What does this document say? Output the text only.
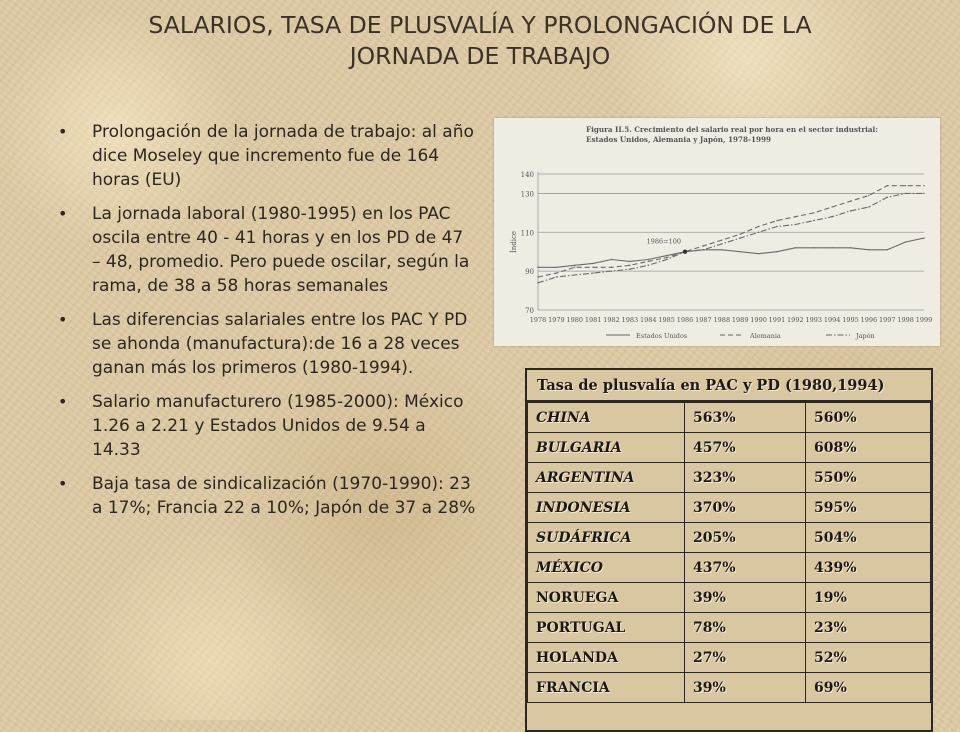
SALARIOS, TASA DE PLUSVALÍA Y PROLONGACIÓN DE LA
JORNADA DE TRABAJO
• Prolongación de la jornada de trabajo: al año dice Moseley que incremento fue de 164 horas (EU)
• La jornada laboral (1980-1995) en los PAC oscila entre 40 - 41 horas y en los PD de 47 – 48, promedio. Pero puede oscilar, según la rama, de 38 a 58 horas semanales
• Las diferencias salariales entre los PAC Y PD se ahonda (manufactura):de 16 a 28 veces ganan más los primeros (1980-1994).
• Salario manufacturero (1985-2000): México 1.26 a 2.21 y Estados Unidos de 9.54 a 14.33
• Baja tasa de sindicalización (1970-1990): 23 a 17%; Francia 22 a 10%; Japón de 37 a 28%
Figura II.5. Crecimiento del salario real por hora en el sector industrial:
Estados Unidos, Alemania y Japón, 1978-1999
70
90
110
130
140
Índice
1978 1979 1980 1981 1982 1983 1984 1985 1986 1987 1988 1989 1990 1991 1992 1993 1994 1995 1996 1997 1998 1999
1986=100
Estados Unidos	Alemania	Japón
Tasa de plusvalía en PAC y PD (1980,1994)
CHINA	563%	560%
BULGARIA	457%	608%
ARGENTINA	323%	550%
INDONESIA	370%	595%
SUDÁFRICA	205%	504%
MÉXICO	437%	439%
NORUEGA	39%	19%
PORTUGAL	78%	23%
HOLANDA	27%	52%
FRANCIA	39%	69%
